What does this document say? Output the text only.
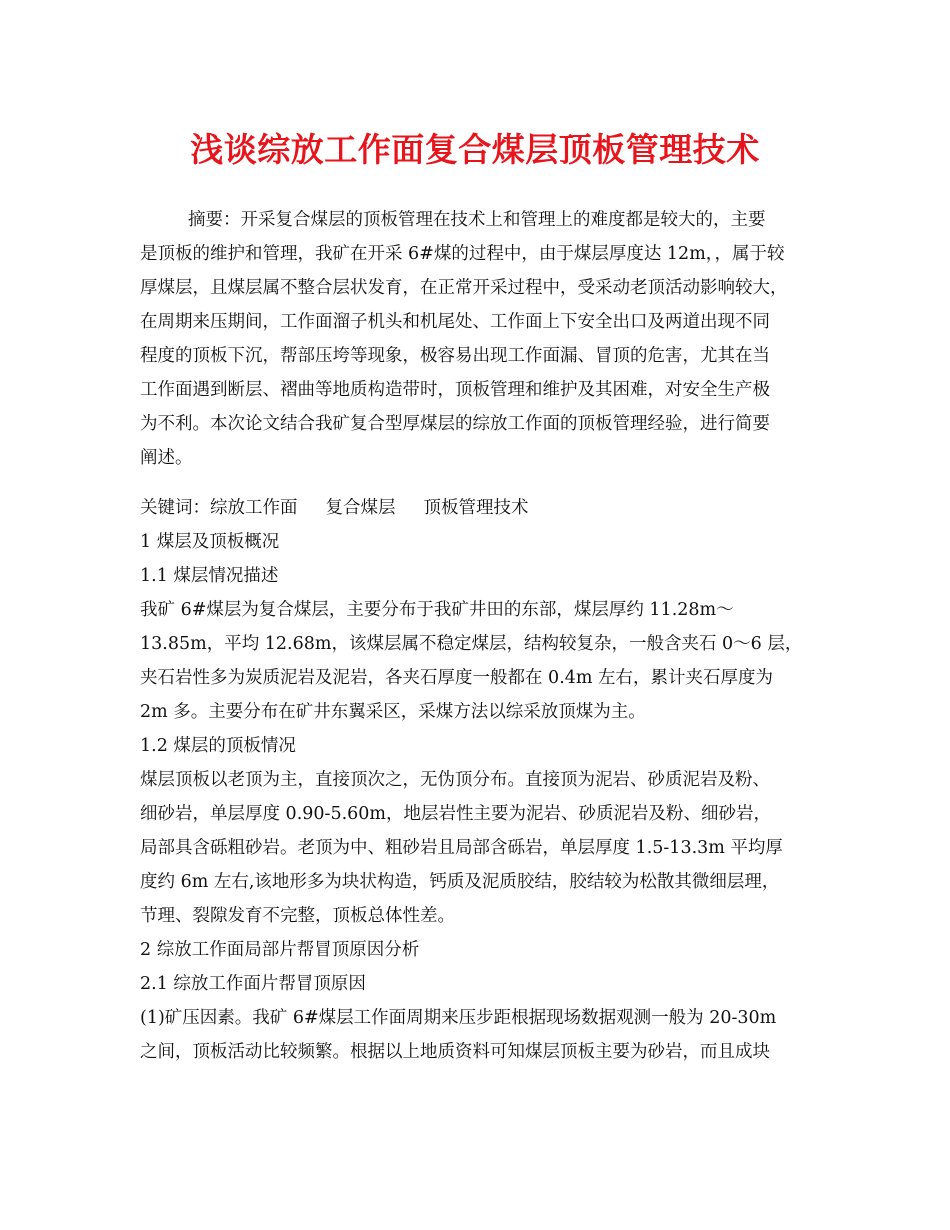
浅谈综放工作面复合煤层顶板管理技术

摘要：开采复合煤层的顶板管理在技术上和管理上的难度都是较大的，主要

是顶板的维护和管理，我矿在开采 6#煤的过程中，由于煤层厚度达 12m，，属于较

厚煤层，且煤层属不整合层状发育，在正常开采过程中，受采动老顶活动影响较大，

在周期来压期间，工作面溜子机头和机尾处、工作面上下安全出口及两道出现不同

程度的顶板下沉，帮部压垮等现象，极容易出现工作面漏、冒顶的危害，尤其在当

工作面遇到断层、褶曲等地质构造带时，顶板管理和维护及其困难，对安全生产极

为不利。本次论文结合我矿复合型厚煤层的综放工作面的顶板管理经验，进行简要

阐述。

关键词：综放工作面 复合煤层 顶板管理技术

1 煤层及顶板概况

1.1 煤层情况描述

我矿 6#煤层为复合煤层，主要分布于我矿井田的东部，煤层厚约 11.28m～

13.85m，平均 12.68m，该煤层属不稳定煤层，结构较复杂，一般含夹石 0～6 层，

夹石岩性多为炭质泥岩及泥岩，各夹石厚度一般都在 0.4m 左右，累计夹石厚度为

2m 多。主要分布在矿井东翼采区，采煤方法以综采放顶煤为主。

1.2 煤层的顶板情况

煤层顶板以老顶为主，直接顶次之，无伪顶分布。直接顶为泥岩、砂质泥岩及粉、

细砂岩，单层厚度 0.90-5.60m，地层岩性主要为泥岩、砂质泥岩及粉、细砂岩，

局部具含砾粗砂岩。老顶为中、粗砂岩且局部含砾岩，单层厚度 1.5-13.3m 平均厚

度约 6m 左右,该地形多为块状构造，钙质及泥质胶结，胶结较为松散其微细层理，

节理、裂隙发育不完整，顶板总体性差。

2 综放工作面局部片帮冒顶原因分析

2.1 综放工作面片帮冒顶原因

(1)矿压因素。我矿 6#煤层工作面周期来压步距根据现场数据观测一般为 20-30m

之间，顶板活动比较频繁。根据以上地质资料可知煤层顶板主要为砂岩，而且成块
